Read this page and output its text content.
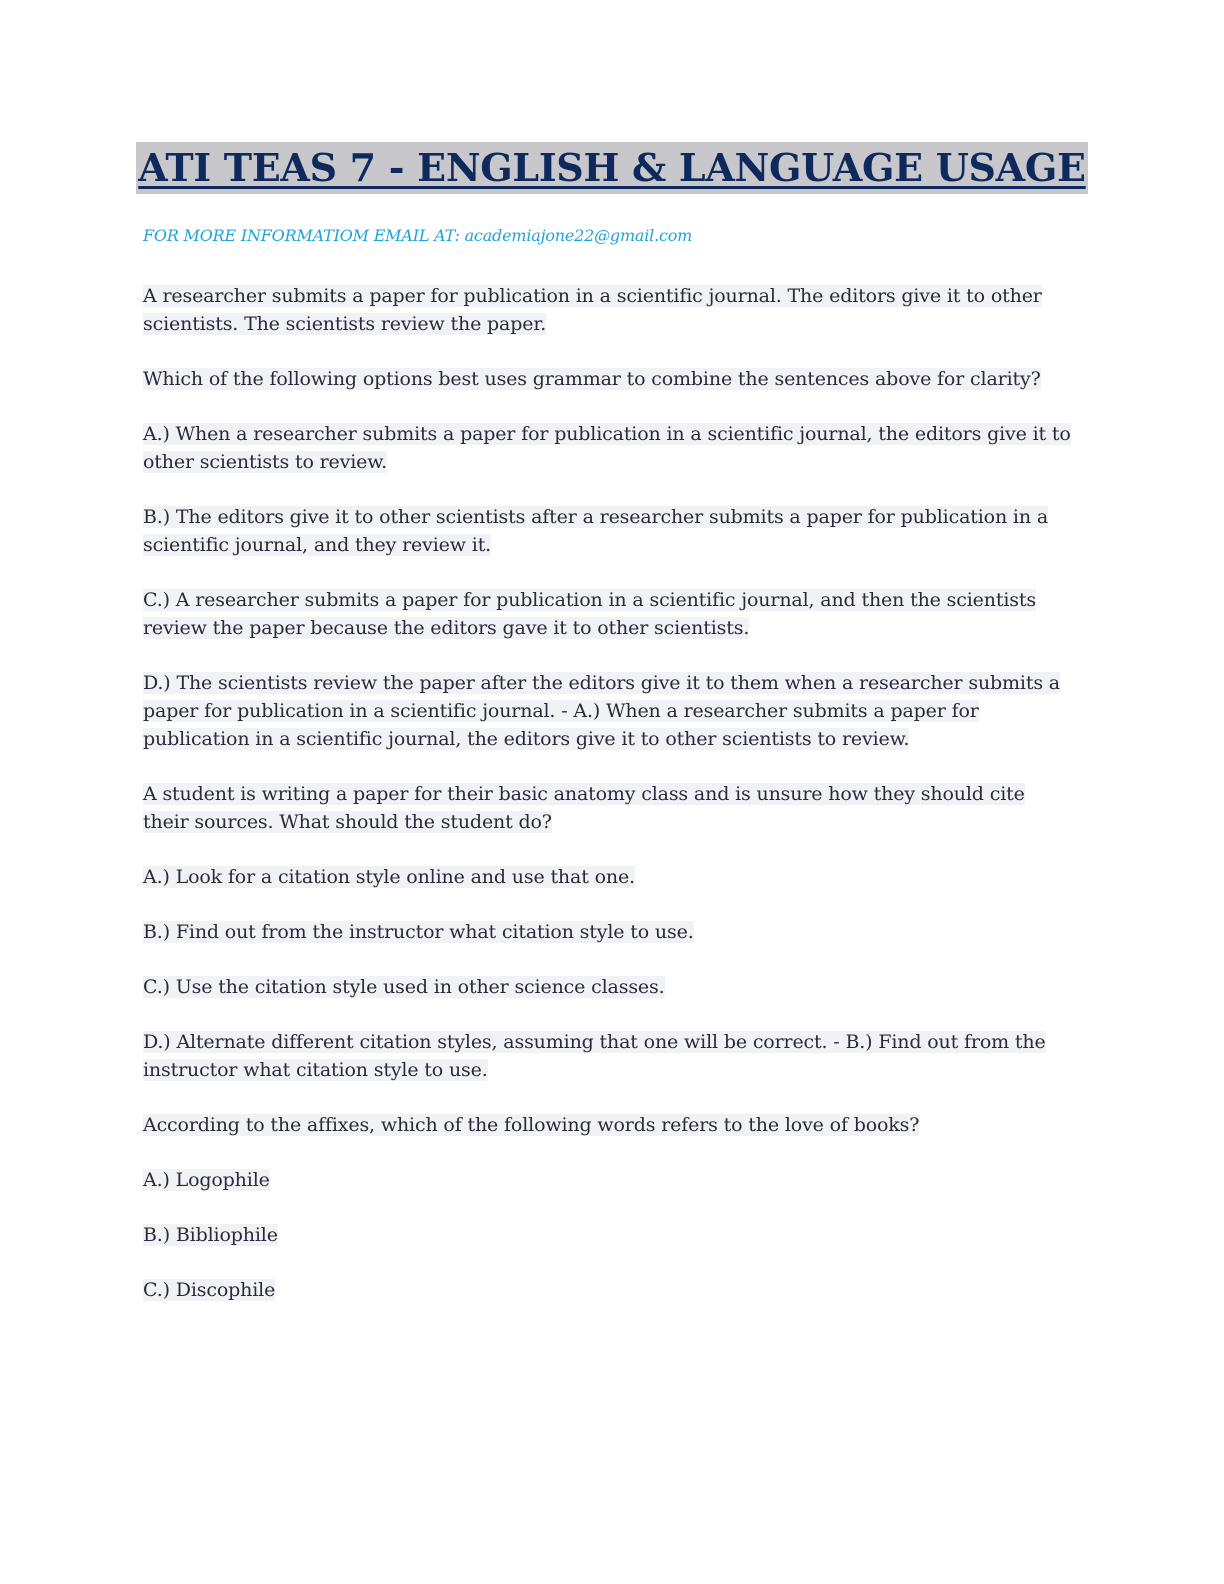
ATI TEAS 7 - ENGLISH & LANGUAGE USAGE
FOR MORE INFORMATIOM EMAIL AT: academiajone22@gmail.com

A researcher submits a paper for publication in a scientific journal. The editors give it to other scientists. The scientists review the paper.

Which of the following options best uses grammar to combine the sentences above for clarity?

A.) When a researcher submits a paper for publication in a scientific journal, the editors give it to other scientists to review.

B.) The editors give it to other scientists after a researcher submits a paper for publication in a scientific journal, and they review it.

C.) A researcher submits a paper for publication in a scientific journal, and then the scientists review the paper because the editors gave it to other scientists.

D.) The scientists review the paper after the editors give it to them when a researcher submits a paper for publication in a scientific journal. - A.) When a researcher submits a paper for publication in a scientific journal, the editors give it to other scientists to review.

A student is writing a paper for their basic anatomy class and is unsure how they should cite their sources. What should the student do?

A.) Look for a citation style online and use that one.

B.) Find out from the instructor what citation style to use.

C.) Use the citation style used in other science classes.

D.) Alternate different citation styles, assuming that one will be correct. - B.) Find out from the instructor what citation style to use.

According to the affixes, which of the following words refers to the love of books?

A.) Logophile

B.) Bibliophile

C.) Discophile
